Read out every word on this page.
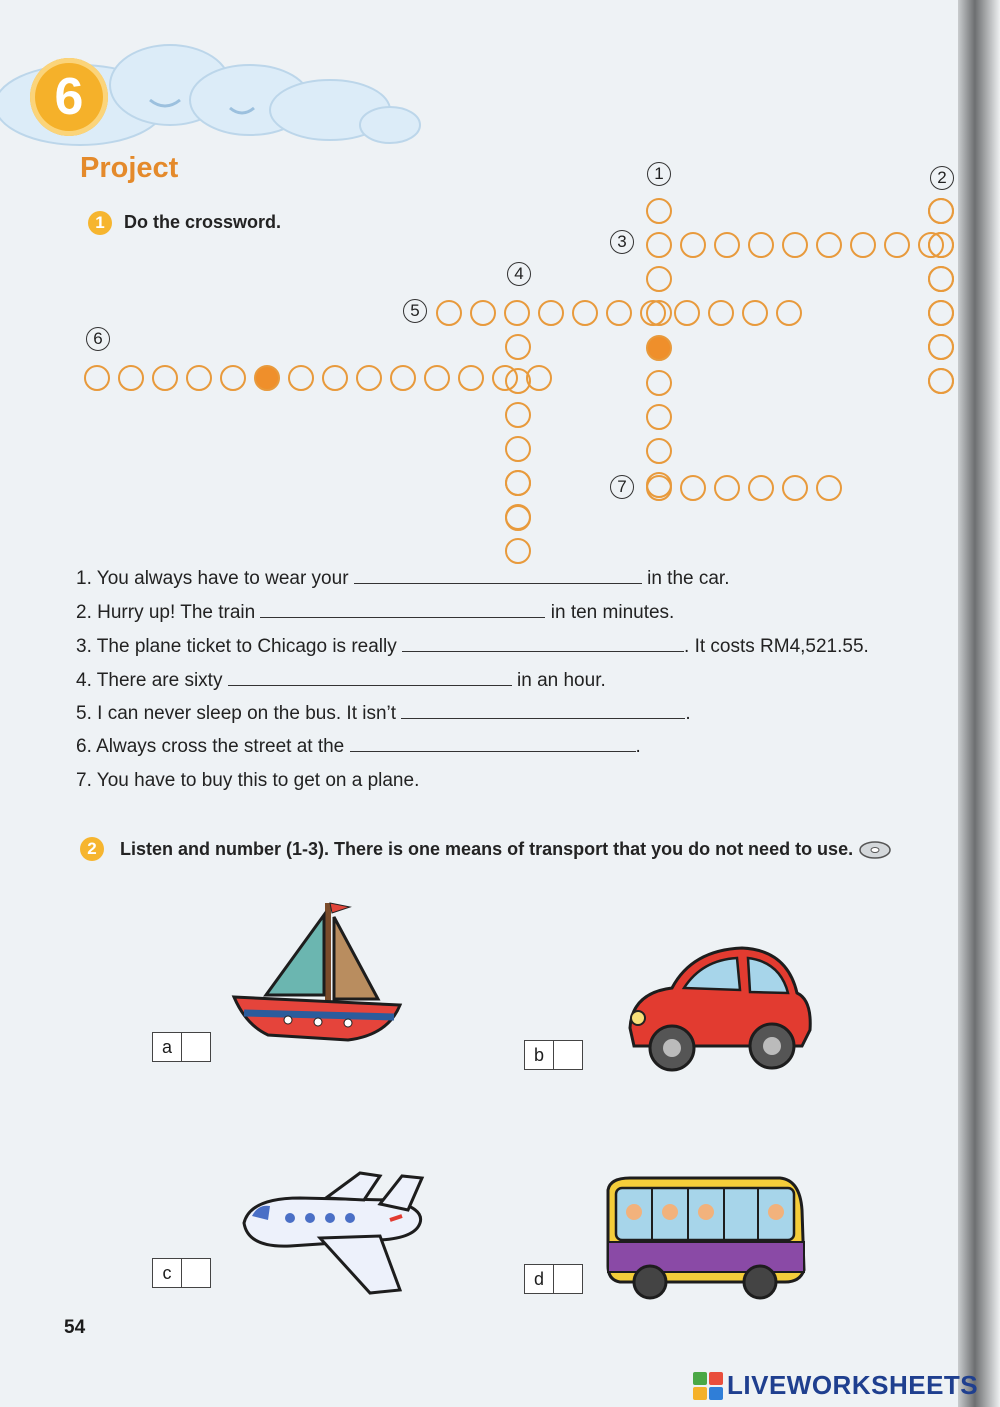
6
Project
1	Do the crossword.
1	2
3
4
5
6
7
1. You always have to wear your	in the car.
2. Hurry up! The train	in ten minutes.
3. The plane ticket to Chicago is really	. It costs RM4,521.55.
4. There are sixty	in an hour.
5. I can never sleep on the bus. It isn’t	.
6. Always cross the street at the	.
7. You have to buy this to get on a plane.
2	Listen and number (1-3). There is one means of transport that you do not need to use.
a	b
c	d
54
LIVEWORKSHEETS
